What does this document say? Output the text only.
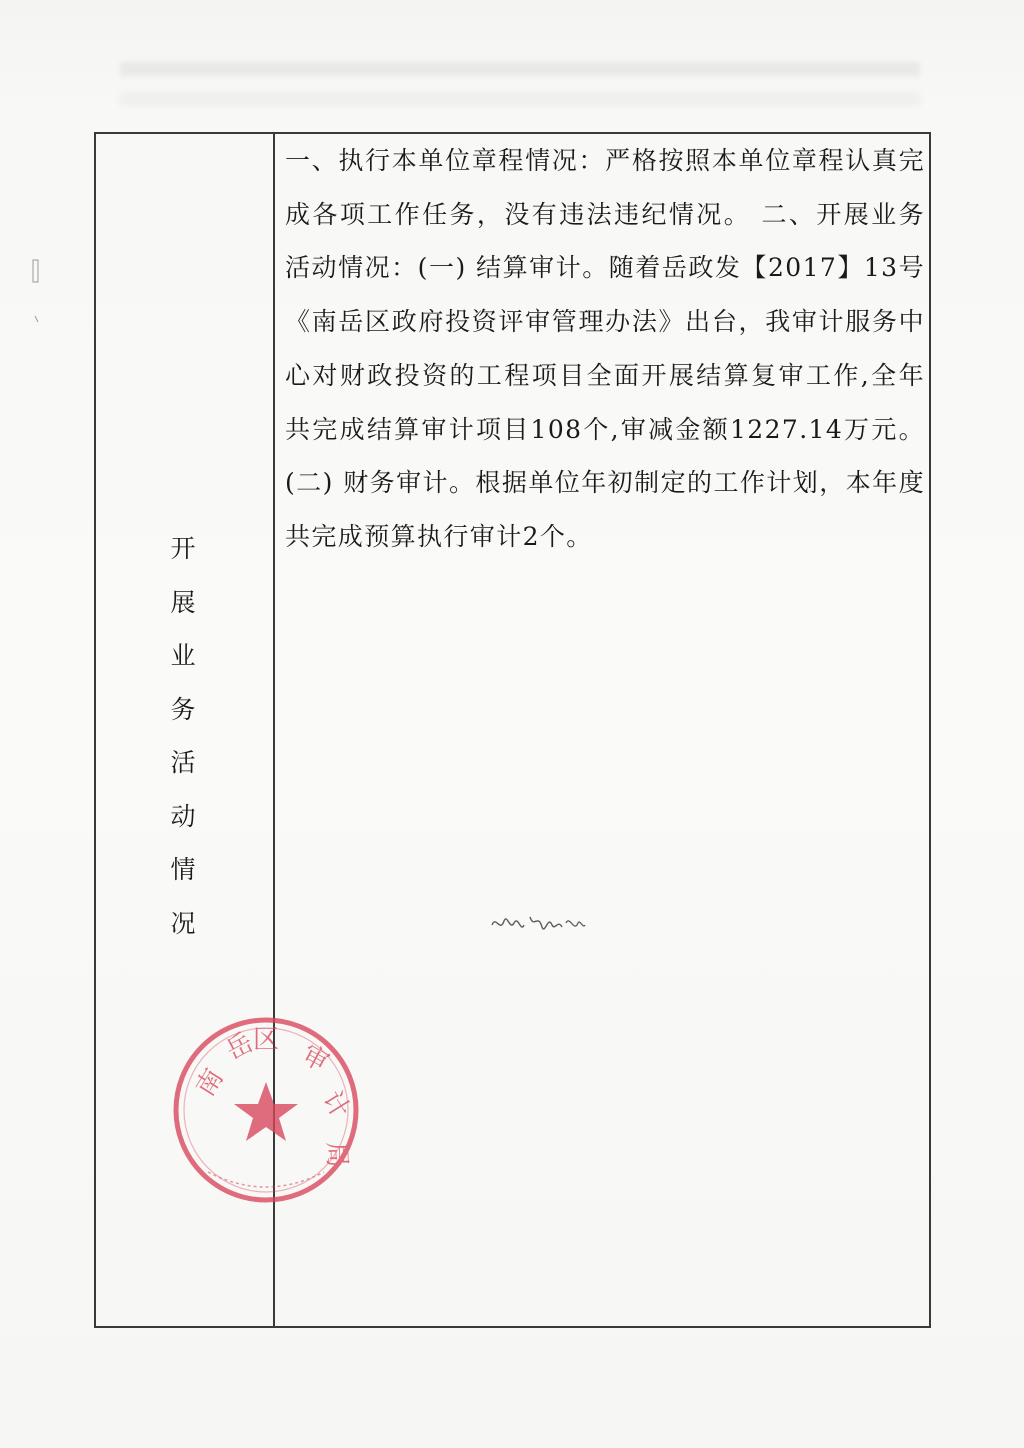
开
展
业
务
活
动
情
况

一、执行本单位章程情况：严格按照本单位章程认真完成各项工作任务，没有违法违纪情况。 二、开展业务活动情况：(一) 结算审计。随着岳政发【2017】13号《南岳区政府投资评审管理办法》出台，我审计服务中心对财政投资的工程项目全面开展结算复审工作,全年共完成结算审计项目108个,审减金额1227.14万元。(二) 财务审计。根据单位年初制定的工作计划，本年度共完成预算执行审计2个。

南
岳
区 审
计
局
